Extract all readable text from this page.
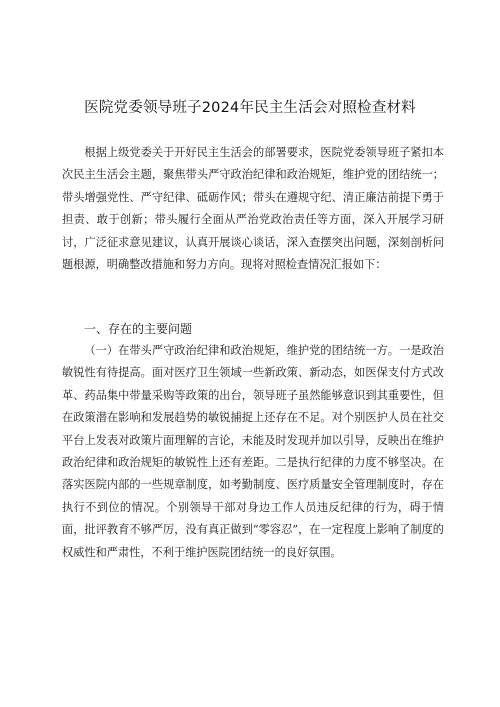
医院党委领导班子2024年民主生活会对照检查材料

根据上级党委关于开好民主生活会的部署要求，医院党委领导班子紧扣本次民主生活会主题，聚焦带头严守政治纪律和政治规矩，维护党的团结统一；带头增强党性、严守纪律、砥砺作风；带头在遵规守纪、清正廉洁前提下勇于担责、敢于创新；带头履行全面从严治党政治责任等方面，深入开展学习研讨，广泛征求意见建议，认真开展谈心谈话，深入查摆突出问题，深刻剖析问题根源，明确整改措施和努力方向。现将对照检查情况汇报如下：

一、存在的主要问题

（一）在带头严守政治纪律和政治规矩，维护党的团结统一方。一是政治敏锐性有待提高。面对医疗卫生领域一些新政策、新动态，如医保支付方式改革、药品集中带量采购等政策的出台，领导班子虽然能够意识到其重要性，但在政策潜在影响和发展趋势的敏锐捕捉上还存在不足。对个别医护人员在社交平台上发表对政策片面理解的言论，未能及时发现并加以引导，反映出在维护政治纪律和政治规矩的敏锐性上还有差距。二是执行纪律的力度不够坚决。在落实医院内部的一些规章制度，如考勤制度、医疗质量安全管理制度时，存在执行不到位的情况。个别领导干部对身边工作人员违反纪律的行为，碍于情面，批评教育不够严厉，没有真正做到“零容忍”，在一定程度上影响了制度的权威性和严肃性，不利于维护医院团结统一的良好氛围。
